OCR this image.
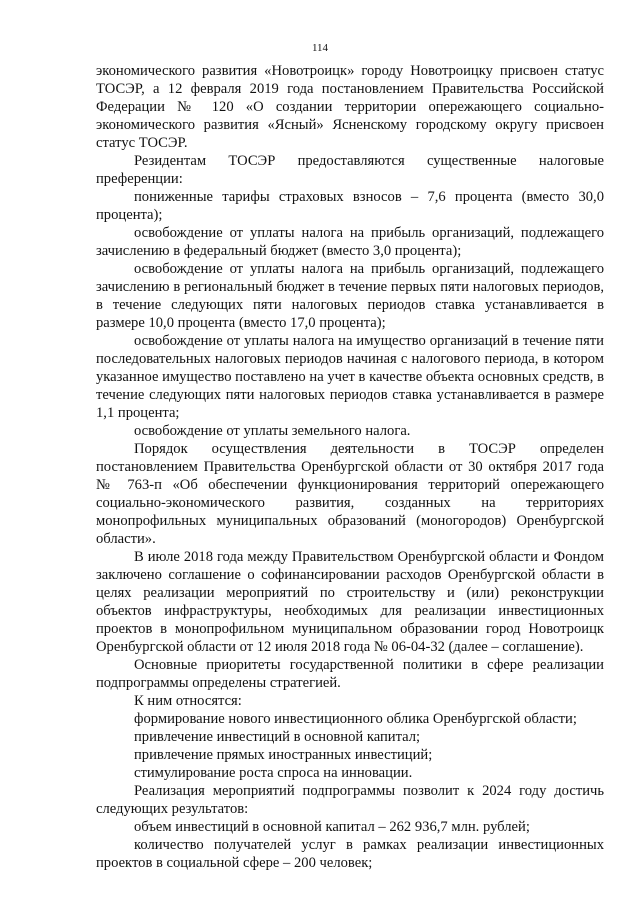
114

экономического развития «Новотроицк» городу Новотроицку присвоен статус ТОСЭР, а 12 февраля 2019 года постановлением Правительства Российской Федерации № 120 «О создании территории опережающего социально-экономического развития «Ясный» Ясненскому городскому округу присвоен статус ТОСЭР.

Резидентам ТОСЭР предоставляются существенные налоговые преференции:

пониженные тарифы страховых взносов – 7,6 процента (вместо 30,0 процента);

освобождение от уплаты налога на прибыль организаций, подлежащего зачислению в федеральный бюджет (вместо 3,0 процента);

освобождение от уплаты налога на прибыль организаций, подлежащего зачислению в региональный бюджет в течение первых пяти налоговых периодов, в течение следующих пяти налоговых периодов ставка устанавливается в размере 10,0 процента (вместо 17,0 процента);

освобождение от уплаты налога на имущество организаций в течение пяти последовательных налоговых периодов начиная с налогового периода, в котором указанное имущество поставлено на учет в качестве объекта основных средств, в течение следующих пяти налоговых периодов ставка устанавливается в размере 1,1 процента;

освобождение от уплаты земельного налога.

Порядок осуществления деятельности в ТОСЭР определен постановлением Правительства Оренбургской области от 30 октября 2017 года № 763-п «Об обеспечении функционирования территорий опережающего социально-экономического развития, созданных на территориях монопрофильных муниципальных образований (моногородов) Оренбургской области».

В июле 2018 года между Правительством Оренбургской области и Фондом заключено соглашение о софинансировании расходов Оренбургской области в целях реализации мероприятий по строительству и (или) реконструкции объектов инфраструктуры, необходимых для реализации инвестиционных проектов в монопрофильном муниципальном образовании город Новотроицк Оренбургской области от 12 июля 2018 года № 06-04-32 (далее – соглашение).

Основные приоритеты государственной политики в сфере реализации подпрограммы определены стратегией.

К ним относятся:

формирование нового инвестиционного облика Оренбургской области;

привлечение инвестиций в основной капитал;

привлечение прямых иностранных инвестиций;

стимулирование роста спроса на инновации.

Реализация мероприятий подпрограммы позволит к 2024 году достичь следующих результатов:

объем инвестиций в основной капитал – 262 936,7 млн. рублей;

количество получателей услуг в рамках реализации инвестиционных проектов в социальной сфере – 200 человек;
